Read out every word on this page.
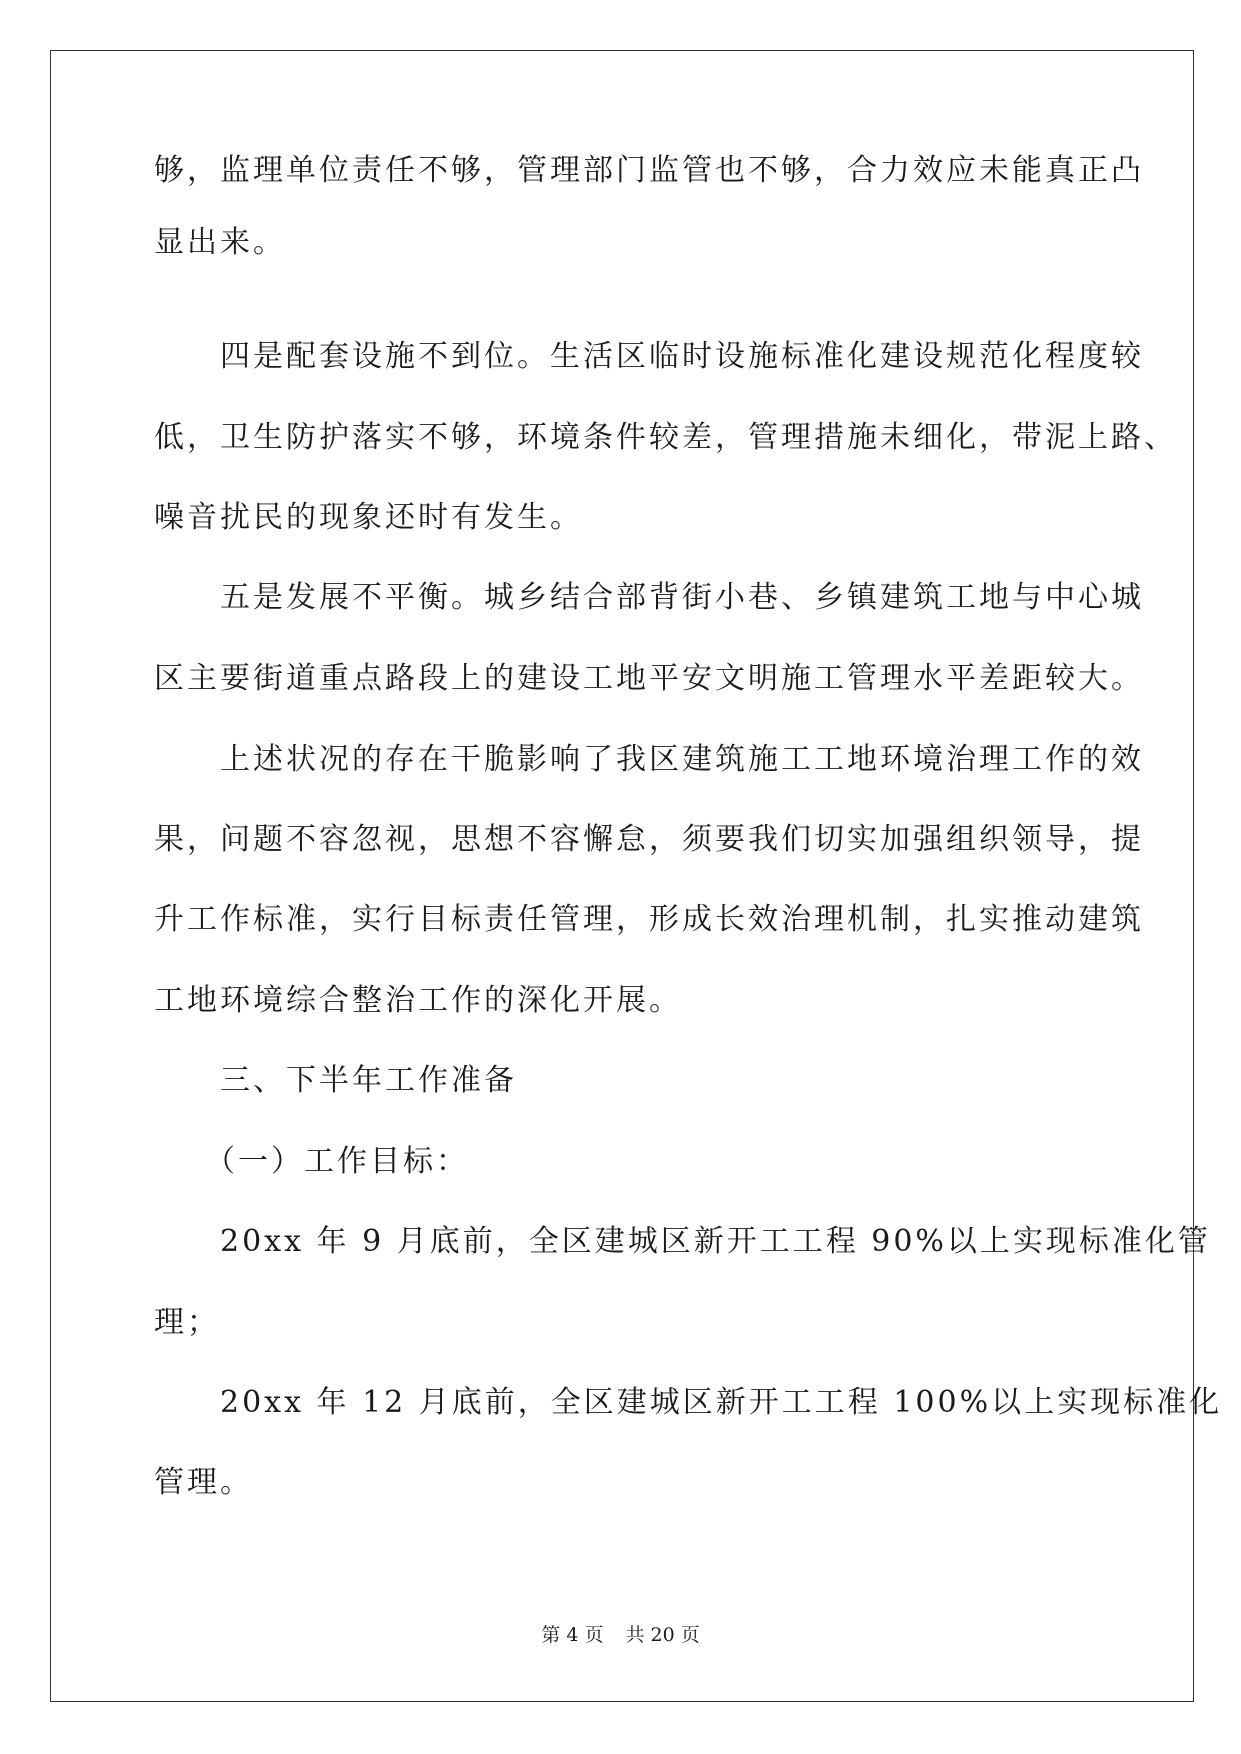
够，监理单位责任不够，管理部门监管也不够，合力效应未能真正凸
显出来。
　　四是配套设施不到位。生活区临时设施标准化建设规范化程度较
低，卫生防护落实不够，环境条件较差，管理措施未细化，带泥上路、
噪音扰民的现象还时有发生。
　　五是发展不平衡。城乡结合部背街小巷、乡镇建筑工地与中心城
区主要街道重点路段上的建设工地平安文明施工管理水平差距较大。
　　上述状况的存在干脆影响了我区建筑施工工地环境治理工作的效
果，问题不容忽视，思想不容懈怠，须要我们切实加强组织领导，提
升工作标准，实行目标责任管理，形成长效治理机制，扎实推动建筑
工地环境综合整治工作的深化开展。
　　三、下半年工作准备
　　（一）工作目标：
　　20xx 年 9 月底前，全区建城区新开工工程 90%以上实现标准化管
理；
　　20xx 年 12 月底前，全区建城区新开工工程 100%以上实现标准化
管理。
第 4 页 共 20 页
